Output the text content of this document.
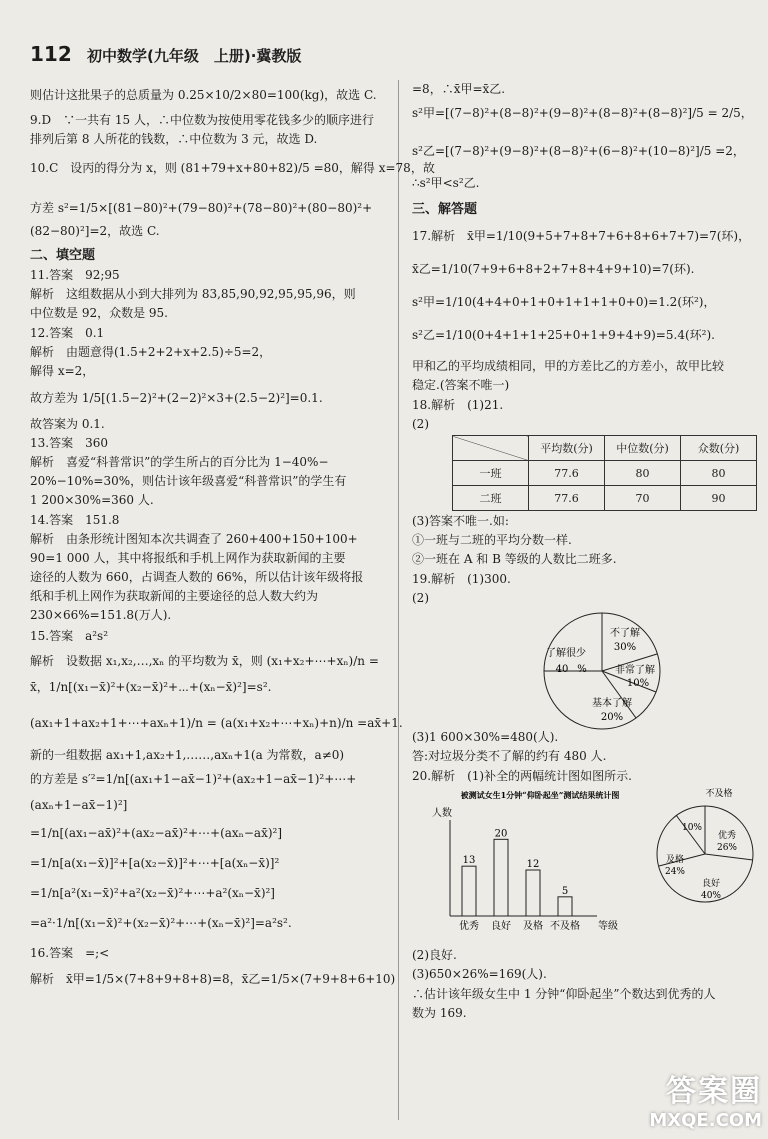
112 初中数学(九年级　上册)·冀教版
则估计这批果子的总质量为 0.25×10/2×80=100(kg)，故选 C.
9.D　∵一共有 15 人，∴中位数为按使用零花钱多少的顺序进行
排列后第 8 人所花的钱数，∴中位数为 3 元，故选 D.
10.C　设丙的得分为 x，则 (81+79+x+80+82)/5 =80，解得 x=78，故
方差 s²=1/5×[(81−80)²+(79−80)²+(78−80)²+(80−80)²+
(82−80)²]=2，故选 C.
二、填空题
11.答案　92;95
解析　这组数据从小到大排列为 83,85,90,92,95,95,96，则
中位数是 92，众数是 95.
12.答案　0.1
解析　由题意得(1.5+2+2+x+2.5)÷5=2，
解得 x=2，
故方差为 1/5[(1.5−2)²+(2−2)²×3+(2.5−2)²]=0.1.
故答案为 0.1.
13.答案　360
解析　喜爱“科普常识”的学生所占的百分比为 1−40%−
20%−10%=30%，则估计该年级喜爱“科普常识”的学生有
1 200×30%=360 人.
14.答案　151.8
解析　由条形统计图知本次共调查了 260+400+150+100+
90=1 000 人，其中将报纸和手机上网作为获取新闻的主要
途径的人数为 660，占调查人数的 66%，所以估计该年级将报
纸和手机上网作为获取新闻的主要途径的总人数大约为
230×66%=151.8(万人).
15.答案　a²s²
解析　设数据 x₁,x₂,…,xₙ 的平均数为 x̄，则 (x₁+x₂+⋯+xₙ)/n =
x̄，1/n[(x₁−x̄)²+(x₂−x̄)²+⋯+(xₙ−x̄)²]=s².
(ax₁+1+ax₂+1+⋯+axₙ+1)/n = (a(x₁+x₂+⋯+xₙ)+n)/n =ax̄+1.
新的一组数据 ax₁+1,ax₂+1,……,axₙ+1(a 为常数，a≠0)
的方差是 s′²=1/n[(ax₁+1−ax̄−1)²+(ax₂+1−ax̄−1)²+⋯+
(axₙ+1−ax̄−1)²]
=1/n[(ax₁−ax̄)²+(ax₂−ax̄)²+⋯+(axₙ−ax̄)²]
=1/n[a(x₁−x̄)]²+[a(x₂−x̄)]²+⋯+[a(xₙ−x̄)]²
=1/n[a²(x₁−x̄)²+a²(x₂−x̄)²+⋯+a²(xₙ−x̄)²]
=a²·1/n[(x₁−x̄)²+(x₂−x̄)²+⋯+(xₙ−x̄)²]=a²s².
16.答案　=;<
解析　x̄甲=1/5×(7+8+9+8+8)=8，x̄乙=1/5×(7+9+8+6+10)
=8，∴x̄甲=x̄乙.
s²甲=[(7−8)²+(8−8)²+(9−8)²+(8−8)²+(8−8)²]/5 = 2/5，
s²乙=[(7−8)²+(9−8)²+(8−8)²+(6−8)²+(10−8)²]/5 =2，
∴s²甲<s²乙.
三、解答题
17.解析　x̄甲=1/10(9+5+7+8+7+6+8+6+7+7)=7(环)，
x̄乙=1/10(7+9+6+8+2+7+8+4+9+10)=7(环).
s²甲=1/10(4+4+0+1+0+1+1+1+0+0)=1.2(环²)，
s²乙=1/10(0+4+1+1+25+0+1+9+4+9)=5.4(环²).
甲和乙的平均成绩相同，甲的方差比乙的方差小，故甲比较
稳定.(答案不唯一)
18.解析　(1)21.
(2)
	平均数(分)	中位数(分)	众数(分)
一班	77.6	80	80
二班	77.6	70	90
(3)答案不唯一.如:
①一班与二班的平均分数一样.
②一班在 A 和 B 等级的人数比二班多.
19.解析　(1)300.
(2)
不了解
30%
了解很少
40 %	非常了解
10%
基本了解
20%
(3)1 600×30%=480(人).
答:对垃圾分类不了解的约有 480 人.
20.解析　(1)补全的两幅统计图如图所示.
被测试女生1分钟“仰卧起坐”测试结果统计图
人数
等级
13
优秀
20
良好
12
及格
5
不及格
不及格
10%
优秀
26%
及格
24%
良好
40%
(2)良好.
(3)650×26%=169(人).
∴估计该年级女生中 1 分钟“仰卧起坐”个数达到优秀的人
数为 169.
答案圈
MXQE.COM
